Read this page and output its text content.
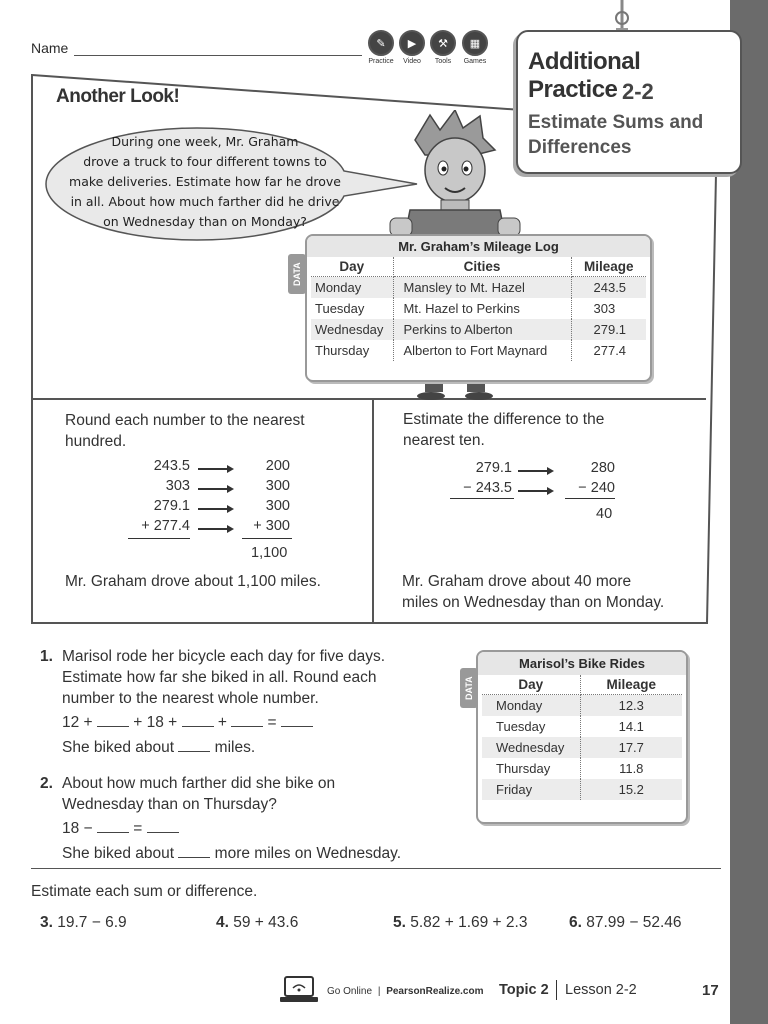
Name	✎
Practice
▶
Video
⚒
Tools
▦
Games Additional
Practice 2-2
Estimate Sums and
Differences
Another Look!
During one week, Mr. Graham
drove a truck to four different towns to
make deliveries. Estimate how far he drove
in all. About how much farther did he drive
on Wednesday than on Monday?
DATA
Mr. Graham’s Mileage Log
Day	Cities	Mileage
Monday	Mansley to Mt. Hazel	243.5
Tuesday	Mt. Hazel to Perkins	303
Wednesday	Perkins to Alberton	279.1
Thursday	Alberton to Fort Maynard	277.4
Round each number to the nearest
hundred.
243.5	200
303	300
279.1	300
+ 277.4	+ 300
1,100
Mr. Graham drove about 1,100 miles.
Estimate the difference to the
nearest ten.
279.1	280
− 243.5	− 240
40
Mr. Graham drove about 40 more
miles on Wednesday than on Monday.
1. Marisol rode her bicycle each day for five days.
Estimate how far she biked in all. Round each
number to the nearest whole number.
12 +	+ 18 +	+	=
She biked about	miles.
2. About how much farther did she bike on
Wednesday than on Thursday?
18 −	=
She biked about	more miles on Wednesday.
DATA
Marisol’s Bike Rides
Day	Mileage
Monday	12.3
Tuesday	14.1
Wednesday	17.7
Thursday	11.8
Friday	15.2
Estimate each sum or difference.
3. 19.7 − 6.9	4. 59 + 43.6	5. 5.82 + 1.69 + 2.3	6. 87.99 − 52.46
Go Online | PearsonRealize.com Topic 2 Lesson 2-2	17
